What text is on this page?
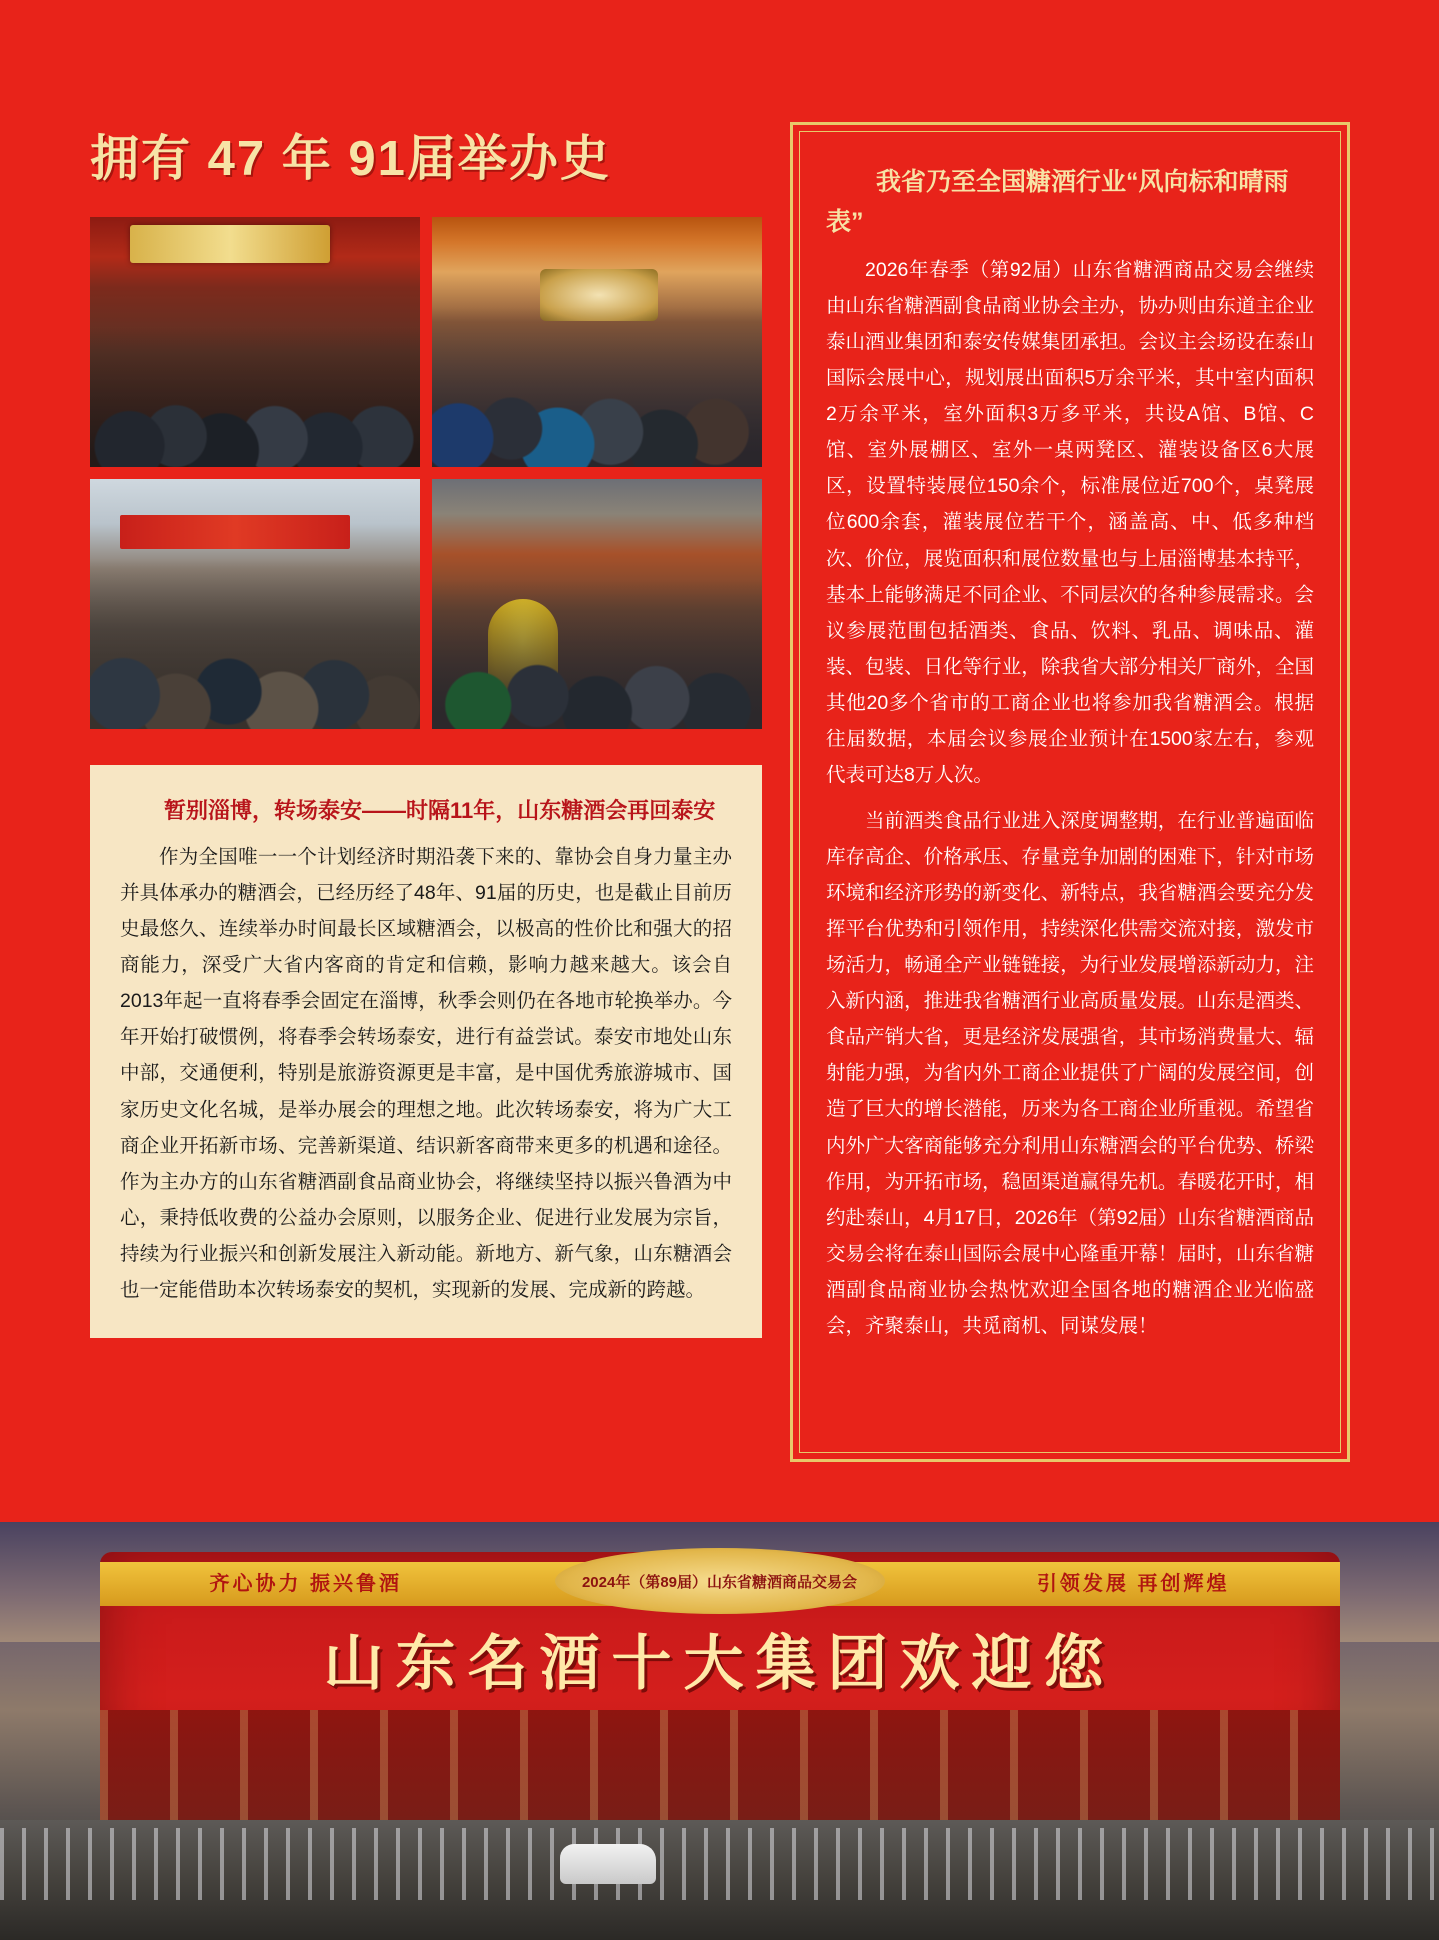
拥有 47 年 91届举办史
暂别淄博，转场泰安——时隔11年，山东糖酒会再回泰安

作为全国唯一一个计划经济时期沿袭下来的、靠协会自身力量主办并具体承办的糖酒会，已经历经了48年、91届的历史，也是截止目前历史最悠久、连续举办时间最长区域糖酒会，以极高的性价比和强大的招商能力，深受广大省内客商的肯定和信赖，影响力越来越大。该会自2013年起一直将春季会固定在淄博，秋季会则仍在各地市轮换举办。今年开始打破惯例，将春季会转场泰安，进行有益尝试。泰安市地处山东中部，交通便利，特别是旅游资源更是丰富，是中国优秀旅游城市、国家历史文化名城，是举办展会的理想之地。此次转场泰安，将为广大工商企业开拓新市场、完善新渠道、结识新客商带来更多的机遇和途径。作为主办方的山东省糖酒副食品商业协会，将继续坚持以振兴鲁酒为中心，秉持低收费的公益办会原则，以服务企业、促进行业发展为宗旨，持续为行业振兴和创新发展注入新动能。新地方、新气象，山东糖酒会也一定能借助本次转场泰安的契机，实现新的发展、完成新的跨越。

我省乃至全国糖酒行业“风向标和晴雨表”

2026年春季（第92届）山东省糖酒商品交易会继续由山东省糖酒副食品商业协会主办，协办则由东道主企业泰山酒业集团和泰安传媒集团承担。会议主会场设在泰山国际会展中心，规划展出面积5万余平米，其中室内面积2万余平米，室外面积3万多平米，共设A馆、B馆、C馆、室外展棚区、室外一桌两凳区、灌装设备区6大展区，设置特装展位150余个，标准展位近700个，桌凳展位600余套，灌装展位若干个，涵盖高、中、低多种档次、价位，展览面积和展位数量也与上届淄博基本持平，基本上能够满足不同企业、不同层次的各种参展需求。会议参展范围包括酒类、食品、饮料、乳品、调味品、灌装、包装、日化等行业，除我省大部分相关厂商外，全国其他20多个省市的工商企业也将参加我省糖酒会。根据往届数据，本届会议参展企业预计在1500家左右，参观代表可达8万人次。

当前酒类食品行业进入深度调整期，在行业普遍面临库存高企、价格承压、存量竞争加剧的困难下，针对市场环境和经济形势的新变化、新特点，我省糖酒会要充分发挥平台优势和引领作用，持续深化供需交流对接，激发市场活力，畅通全产业链链接，为行业发展增添新动力，注入新内涵，推进我省糖酒行业高质量发展。山东是酒类、食品产销大省，更是经济发展强省，其市场消费量大、辐射能力强，为省内外工商企业提供了广阔的发展空间，创造了巨大的增长潜能，历来为各工商企业所重视。希望省内外广大客商能够充分利用山东糖酒会的平台优势、桥梁作用，为开拓市场，稳固渠道赢得先机。春暖花开时，相约赴泰山，4月17日，2026年（第92届）山东省糖酒商品交易会将在泰山国际会展中心隆重开幕！届时，山东省糖酒副食品商业协会热忱欢迎全国各地的糖酒企业光临盛会，齐聚泰山，共觅商机、同谋发展！

齐心协力 振兴鲁酒	引领发展 再创辉煌
2024年（第89届）山东省糖酒商品交易会
山东名酒十大集团欢迎您
